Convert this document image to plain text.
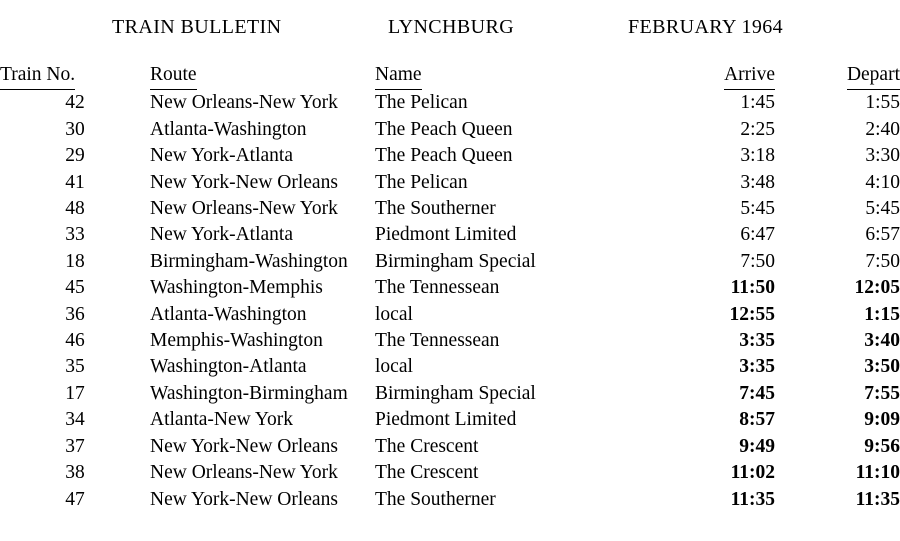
TRAIN BULLETIN	LYNCHBURG	FEBRUARY 1964
Train No.	Route	Name	Arrive	Depart
42	New Orleans-New York	The Pelican	1:45	1:55
30	Atlanta-Washington	The Peach Queen	2:25	2:40
29	New York-Atlanta	The Peach Queen	3:18	3:30
41	New York-New Orleans	The Pelican	3:48	4:10
48	New Orleans-New York	The Southerner	5:45	5:45
33	New York-Atlanta	Piedmont Limited	6:47	6:57
18	Birmingham-Washington	Birmingham Special	7:50	7:50
45	Washington-Memphis	The Tennessean	11:50	12:05
36	Atlanta-Washington	local	12:55	1:15
46	Memphis-Washington	The Tennessean	3:35	3:40
35	Washington-Atlanta	local	3:35	3:50
17	Washington-Birmingham	Birmingham Special	7:45	7:55
34	Atlanta-New York	Piedmont Limited	8:57	9:09
37	New York-New Orleans	The Crescent	9:49	9:56
38	New Orleans-New York	The Crescent	11:02	11:10
47	New York-New Orleans	The Southerner	11:35	11:35
